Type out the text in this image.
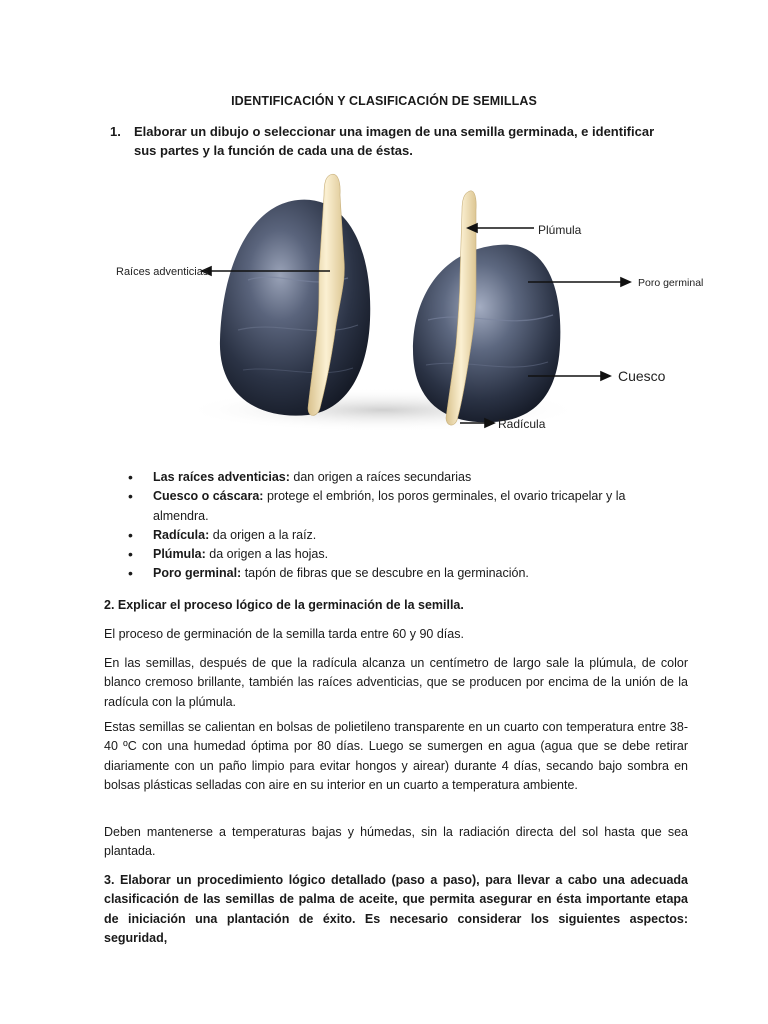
IDENTIFICACIÓN Y CLASIFICACIÓN DE SEMILLAS
1. Elaborar un dibujo o seleccionar una imagen de una semilla germinada, e identificar sus partes y la función de cada una de éstas.
Raíces adventicias
Plúmula
Poro germinal
Cuesco
Radícula
• Las raíces adventicias: dan origen a raíces secundarias
• Cuesco o cáscara: protege el embrión, los poros germinales, el ovario tricapelar y la almendra.
• Radícula: da origen a la raíz.
• Plúmula: da origen a las hojas.
• Poro germinal: tapón de fibras que se descubre en la germinación.
2. Explicar el proceso lógico de la germinación de la semilla.
El proceso de germinación de la semilla tarda entre 60 y 90 días.
En las semillas, después de que la radícula alcanza un centímetro de largo sale la plúmula, de color blanco cremoso brillante, también las raíces adventicias, que se producen por encima de la unión de la radícula con la plúmula.
Estas semillas se calientan en bolsas de polietileno transparente en un cuarto con temperatura entre 38-40 ºC con una humedad óptima por 80 días. Luego se sumergen en agua (agua que se debe retirar diariamente con un paño limpio para evitar hongos y airear) durante 4 días, secando bajo sombra en bolsas plásticas selladas con aire en su interior en un cuarto a temperatura ambiente.
Deben mantenerse a temperaturas bajas y húmedas, sin la radiación directa del sol hasta que sea plantada.
3. Elaborar un procedimiento lógico detallado (paso a paso), para llevar a cabo una adecuada clasificación de las semillas de palma de aceite, que permita asegurar en ésta importante etapa de iniciación una plantación de éxito. Es necesario considerar los siguientes aspectos: seguridad,
